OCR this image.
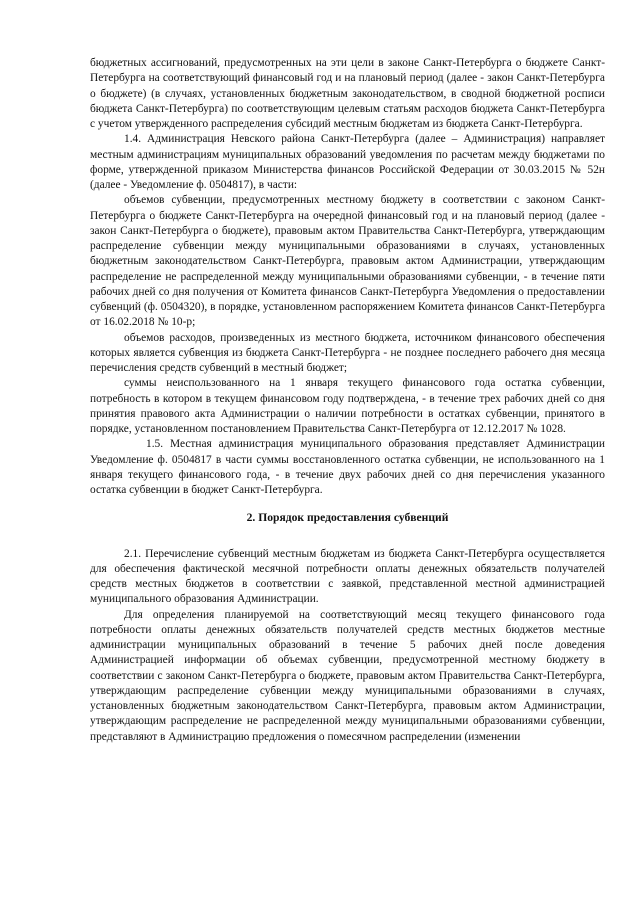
бюджетных ассигнований, предусмотренных на эти цели в законе Санкт-Петербурга о бюджете Санкт-Петербурга на соответствующий финансовый год и на плановый период (далее - закон Санкт-Петербурга о бюджете) (в случаях, установленных бюджетным законодательством, в сводной бюджетной росписи бюджета Санкт-Петербурга) по соответствующим целевым статьям расходов бюджета Санкт-Петербурга с учетом утвержденного распределения субсидий местным бюджетам из бюджета Санкт-Петербурга.

1.4. Администрация Невского района Санкт-Петербурга (далее – Администрация) направляет местным администрациям муниципальных образований уведомления по расчетам между бюджетами по форме, утвержденной приказом Министерства финансов Российской Федерации от 30.03.2015 № 52н (далее - Уведомление ф. 0504817), в части:

объемов субвенции, предусмотренных местному бюджету в соответствии с законом Санкт-Петербурга о бюджете Санкт-Петербурга на очередной финансовый год и на плановый период (далее - закон Санкт-Петербурга о бюджете), правовым актом Правительства Санкт-Петербурга, утверждающим распределение субвенции между муниципальными образованиями в случаях, установленных бюджетным законодательством Санкт-Петербурга, правовым актом Администрации, утверждающим распределение не распределенной между муниципальными образованиями субвенции, - в течение пяти рабочих дней со дня получения от Комитета финансов Санкт-Петербурга Уведомления о предоставлении субвенций (ф. 0504320), в порядке, установленном распоряжением Комитета финансов Санкт-Петербурга от 16.02.2018 № 10-р;

объемов расходов, произведенных из местного бюджета, источником финансового обеспечения которых является субвенция из бюджета Санкт-Петербурга - не позднее последнего рабочего дня месяца перечисления средств субвенций в местный бюджет;

суммы неиспользованного на 1 января текущего финансового года остатка субвенции, потребность в котором в текущем финансовом году подтверждена, - в течение трех рабочих дней со дня принятия правового акта Администрации о наличии потребности в остатках субвенции, принятого в порядке, установленном постановлением Правительства Санкт-Петербурга от 12.12.2017 № 1028.

1.5. Местная администрация муниципального образования представляет Администрации Уведомление ф. 0504817 в части суммы восстановленного остатка субвенции, не использованного на 1 января текущего финансового года, - в течение двух рабочих дней со дня перечисления указанного остатка субвенции в бюджет Санкт-Петербурга.

2. Порядок предоставления субвенций

2.1. Перечисление субвенций местным бюджетам из бюджета Санкт-Петербурга осуществляется для обеспечения фактической месячной потребности оплаты денежных обязательств получателей средств местных бюджетов в соответствии с заявкой, представленной местной администрацией муниципального образования Администрации.

Для определения планируемой на соответствующий месяц текущего финансового года потребности оплаты денежных обязательств получателей средств местных бюджетов местные администрации муниципальных образований в течение 5 рабочих дней после доведения Администрацией информации об объемах субвенции, предусмотренной местному бюджету в соответствии с законом Санкт-Петербурга о бюджете, правовым актом Правительства Санкт-Петербурга, утверждающим распределение субвенции между муниципальными образованиями в случаях, установленных бюджетным законодательством Санкт-Петербурга, правовым актом Администрации, утверждающим распределение не распределенной между муниципальными образованиями субвенции, представляют в Администрацию предложения о помесячном распределении (изменении
